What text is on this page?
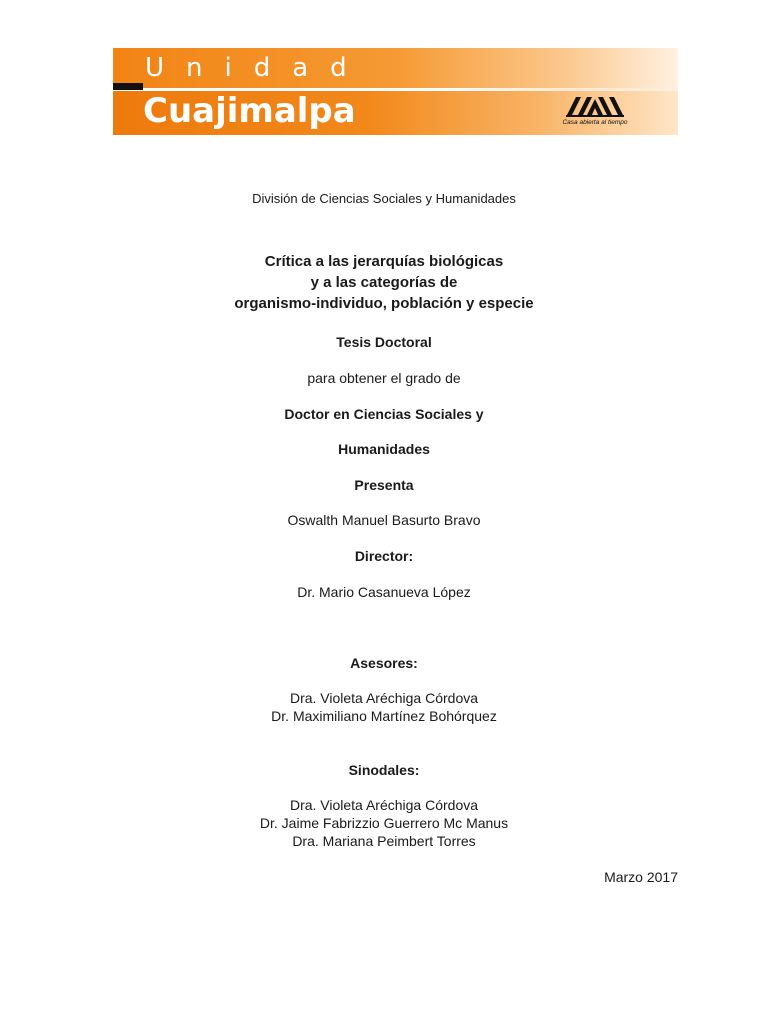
Unidad
Cuajimalpa	Casa abierta al tiempo
División de Ciencias Sociales y Humanidades
Crítica a las jerarquías biológicas
y a las categorías de
organismo-individuo, población y especie
Tesis Doctoral
para obtener el grado de
Doctor en Ciencias Sociales y
Humanidades
Presenta
Oswalth Manuel Basurto Bravo
Director:
Dr. Mario Casanueva López
Asesores:
Dra. Violeta Aréchiga Córdova
Dr. Maximiliano Martínez Bohórquez
Sinodales:
Dra. Violeta Aréchiga Córdova
Dr. Jaime Fabrizzio Guerrero Mc Manus
Dra. Mariana Peimbert Torres
Marzo 2017
